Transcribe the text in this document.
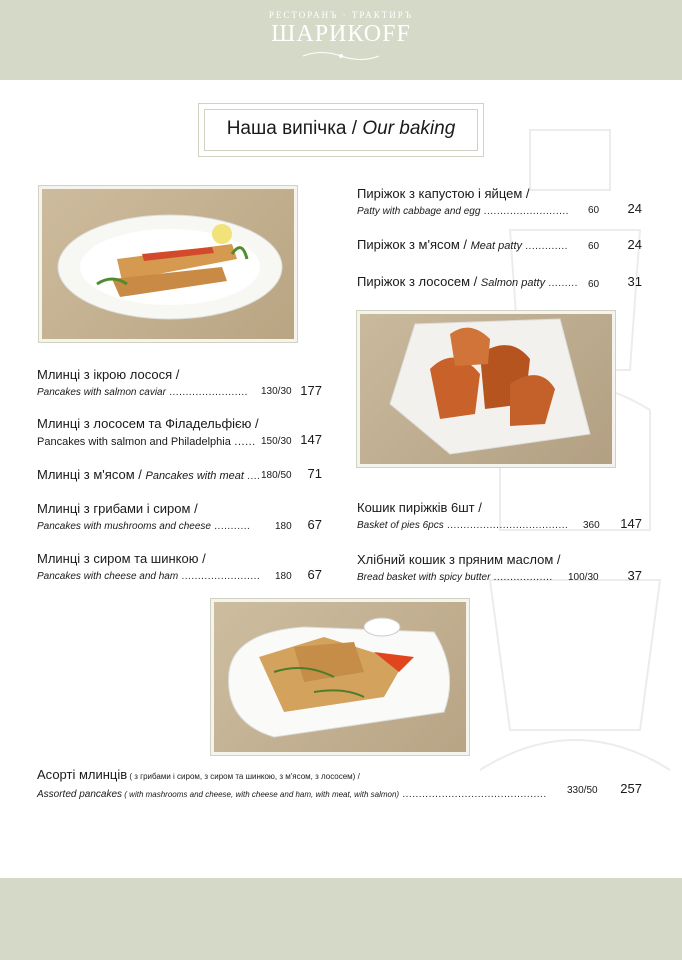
РЕСТОРАНЪ · ТРАКТИРЪ
ШАРИКОFF
Наша випічка / Our baking
Млинці з ікрою лосося /
Pancakes with salmon caviar ........................ 130/30 177
Млинці з лососем та Філадельфією /
Pancakes with salmon and Philadelphia ...... 150/30 147
Млинці з м'ясом / Pancakes with meat .... 180/50	71
Млинці з грибами і сиром /
Pancakes with mushrooms and cheese ........... 180	67
Млинці з сиром та шинкою /
Pancakes with cheese and ham ........................ 180	67
Пиріжок з капустою і яйцем /
Patty with cabbage and egg .......................... 60	24
Пиріжок з м'ясом / Meat patty ............. 60	24
Пиріжок з лососем / Salmon patty ......... 60	31
Кошик пиріжків 6шт /
Basket of pies 6pcs ..................................... 360	147
Хлібний кошик з пряним маслом /
Bread basket with spicy butter ..................	100/30	37
Асорті млинців ( з грибами і сиром, з сиром та шинкою, з м'ясом, з лососем) /
Assorted pancakes ( with mashrooms and cheese, with cheese and ham, with meat, with salmon) ............................................ 330/50	257
